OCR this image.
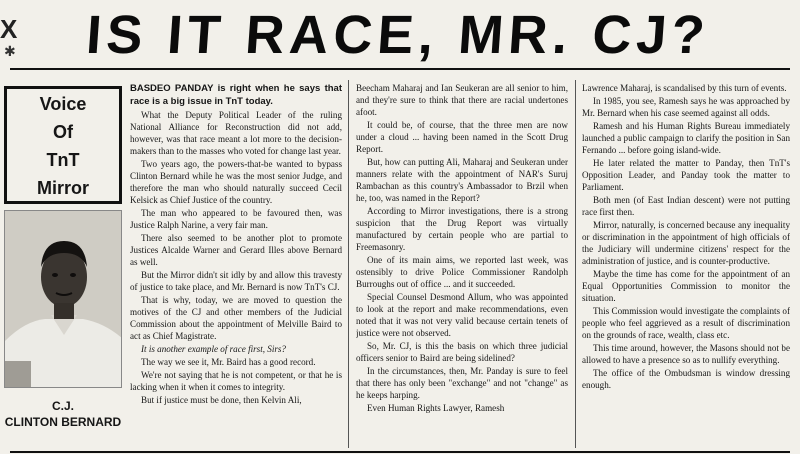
X
✱	IS IT RACE, MR. CJ?
Voice
Of
TnT
Mirror
C.J.
CLINTON BERNARD

BASDEO PANDAY is right when he says that race is a big issue in TnT today.

What the Deputy Political Leader of the ruling National Alliance for Reconstruction did not add, however, was that race meant a lot more to the decision-makers than to the masses who voted for change last year.

Two years ago, the powers-that-be wanted to bypass Clinton Bernard while he was the most senior Judge, and therefore the man who should naturally succeed Cecil Kelsick as Chief Justice of the country.

The man who appeared to be favoured then, was Justice Ralph Narine, a very fair man.

There also seemed to be another plot to promote Justices Alcalde Warner and Gerard Illes above Bernard as well.

But the Mirror didn't sit idly by and allow this travesty of justice to take place, and Mr. Bernard is now TnT's CJ.

That is why, today, we are moved to question the motives of the CJ and other members of the Judicial Commission about the appointment of Melville Baird to act as Chief Magistrate.

It is another example of race first, Sirs?

The way we see it, Mr. Baird has a good record.

We're not saying that he is not competent, or that he is lacking when it when it comes to integrity.

But if justice must be done, then Kelvin Ali,

Beecham Maharaj and Ian Seukeran are all senior to him, and they're sure to think that there are racial undertones afoot.

It could be, of course, that the three men are now under a cloud ... having been named in the Scott Drug Report.

But, how can putting Ali, Maharaj and Seukeran under manners relate with the appointment of NAR's Suruj Rambachan as this country's Ambassador to Brzil when he, too, was named in the Report?

According to Mirror investigations, there is a strong suspicion that the Drug Report was virtually manufactured by certain people who are partial to Freemasonry.

One of its main aims, we reported last week, was ostensibly to drive Police Commissioner Randolph Burroughs out of office ... and it succeeded.

Special Counsel Desmond Allum, who was appointed to look at the report and make recommendations, even noted that it was not very valid because certain tenets of justice were not observed.

So, Mr. CJ, is this the basis on which three judicial officers senior to Baird are being sidelined?

In the circumstances, then, Mr. Panday is sure to feel that there has only been "exchange" and not "change" as he keeps harping.

Even Human Rights Lawyer, Ramesh

Lawrence Maharaj, is scandalised by this turn of events.

In 1985, you see, Ramesh says he was approached by Mr. Bernard when his case seemed against all odds.

Ramesh and his Human Rights Bureau immediately launched a public campaign to clarify the position in San Fernando ... before going island-wide.

He later related the matter to Panday, then TnT's Opposition Leader, and Panday took the matter to Parliament.

Both men (of East Indian descent) were not putting race first then.

Mirror, naturally, is concerned because any inequality or discrimination in the appointment of high officials of the Judiciary will undermine citizens' respect for the administration of justice, and is counter-productive.

Maybe the time has come for the appointment of an Equal Opportunities Commission to monitor the situation.

This Commission would investigate the complaints of people who feel aggrieved as a result of discrimination on the grounds of race, wealth, class etc.

This time around, however, the Masons should not be allowed to have a presence so as to nullify everything.

The office of the Ombudsman is window dressing enough.
